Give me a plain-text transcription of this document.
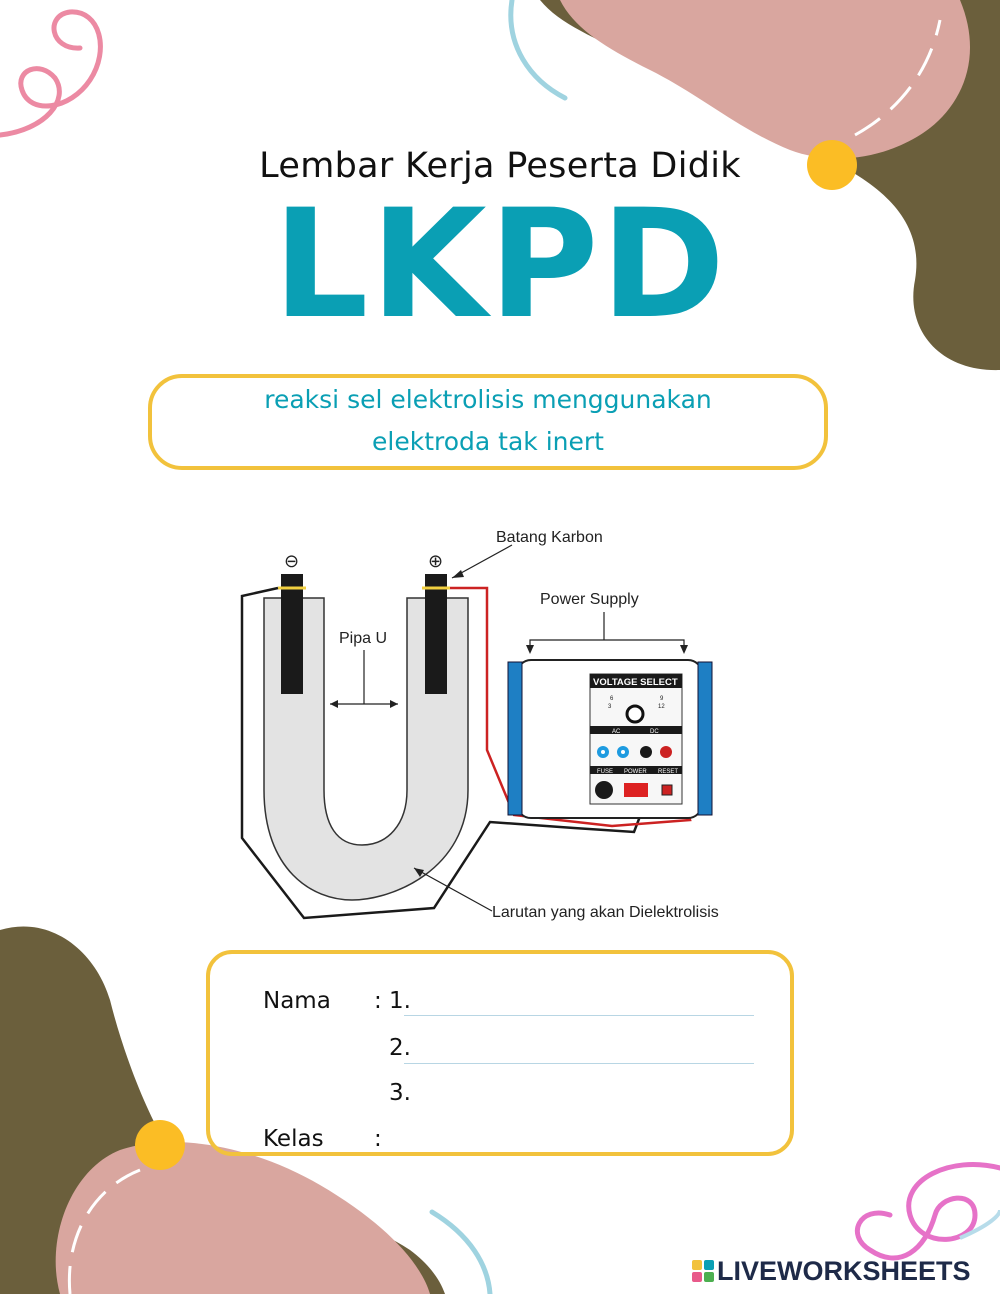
Lembar Kerja Peserta Didik
LKPD
reaksi sel elektrolisis menggunakan
elektroda tak inert
⊖	⊕
Batang Karbon
Pipa U
Larutan yang akan Dielektrolisis
Power Supply
VOLTAGE SELECT
6	9
3	12
AC	DC
FUSE POWER RESET
Nama : 1.
2.
3.
Kelas :
LIVEWORKSHEETS
